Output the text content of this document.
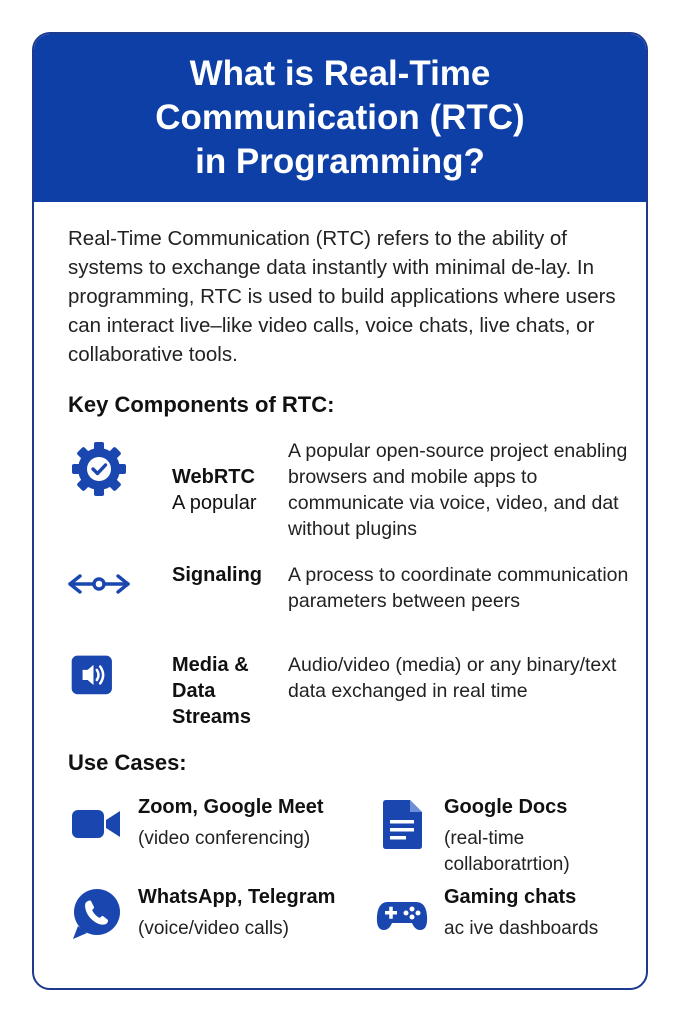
What is Real-Time
Communication (RTC)
in Programming?

Real-Time Communication (RTC) refers to the ability of systems to exchange data instantly with minimal de-lay. In programming, RTC is used to build applications where users can interact live–like video calls, voice chats, live chats, or collaborative tools.

Key Components of RTC:

WebRTC

A popular

A popular open-source project enabling browsers and mobile apps to communicate via voice, video, and dat without plugins
Signaling	A process to coordinate communication parameters between peers
Media & Data Streams
Audio/video (media) or any binary/text data exchanged in real time
Use Cases:
Zoom, Google Meet
(video conferencing)
Google Docs
(real-time collaboratrtion)
WhatsApp, Telegram
(voice/video calls)
Gaming chats
ac ive dashboards
